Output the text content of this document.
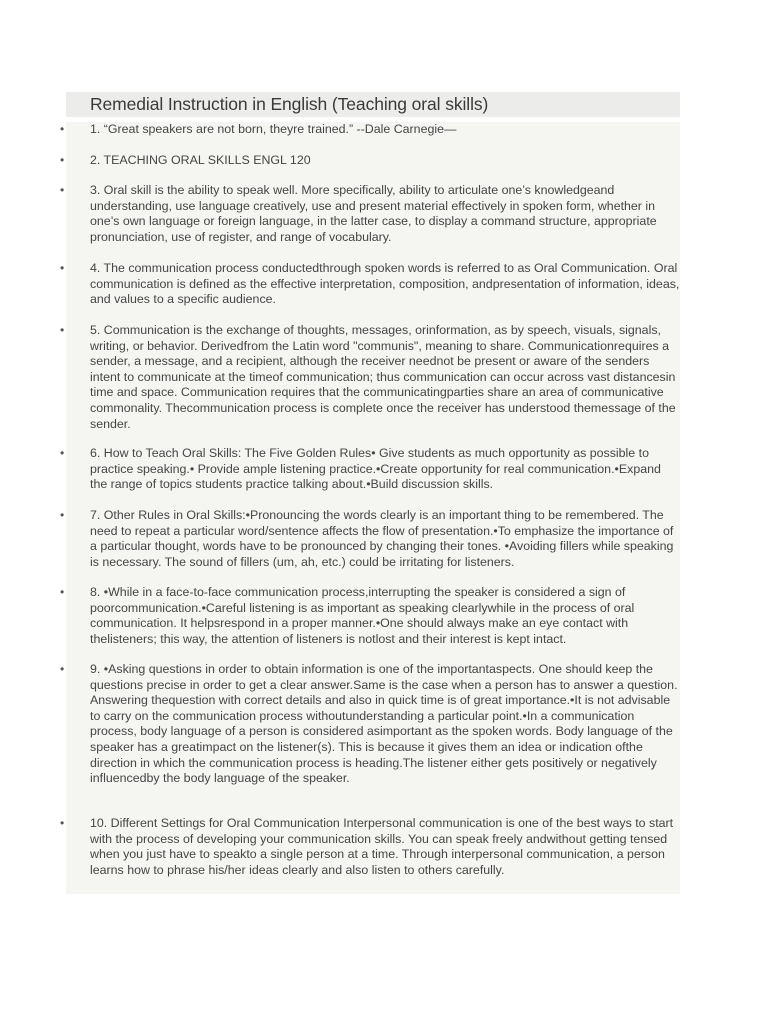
Remedial Instruction in English (Teaching oral skills)
• 1. “Great speakers are not born, theyre trained.” --Dale Carnegie—
• 2. TEACHING ORAL SKILLS ENGL 120
• 3. Oral skill is the ability to speak well. More specifically, ability to articulate one’s knowledgeand understanding, use language creatively, use and present material effectively in spoken form, whether in one’s own language or foreign language, in the latter case, to display a command structure, appropriate pronunciation, use of register, and range of vocabulary.
• 4. The communication process conductedthrough spoken words is referred to as Oral Communication. Oral communication is defined as the effective interpretation, composition, andpresentation of information, ideas, and values to a specific audience.
• 5. Communication is the exchange of thoughts, messages, orinformation, as by speech, visuals, signals, writing, or behavior. Derivedfrom the Latin word "communis", meaning to share. Communicationrequires a sender, a message, and a recipient, although the receiver neednot be present or aware of the senders intent to communicate at the timeof communication; thus communication can occur across vast distancesin time and space. Communication requires that the communicatingparties share an area of communicative commonality. Thecommunication process is complete once the receiver has understood themessage of the sender.
• 6. How to Teach Oral Skills: The Five Golden Rules• Give students as much opportunity as possible to practice speaking.• Provide ample listening practice.•Create opportunity for real communication.•Expand the range of topics students practice talking about.•Build discussion skills.
• 7. Other Rules in Oral Skills:•Pronouncing the words clearly is an important thing to be remembered. The need to repeat a particular word/sentence affects the flow of presentation.•To emphasize the importance of a particular thought, words have to be pronounced by changing their tones. •Avoiding fillers while speaking is necessary. The sound of fillers (um, ah, etc.) could be irritating for listeners.
• 8. •While in a face-to-face communication process,interrupting the speaker is considered a sign of poorcommunication.•Careful listening is as important as speaking clearlywhile in the process of oral communication. It helpsrespond in a proper manner.•One should always make an eye contact with thelisteners; this way, the attention of listeners is notlost and their interest is kept intact.
• 9. •Asking questions in order to obtain information is one of the importantaspects. One should keep the questions precise in order to get a clear answer.Same is the case when a person has to answer a question. Answering thequestion with correct details and also in quick time is of great importance.•It is not advisable to carry on the communication process withoutunderstanding a particular point.•In a communication process, body language of a person is considered asimportant as the spoken words. Body language of the speaker has a greatimpact on the listener(s). This is because it gives them an idea or indication ofthe direction in which the communication process is heading.The listener either gets positively or negatively influencedby the body language of the speaker.
• 10. Different Settings for Oral Communication Interpersonal communication is one of the best ways to start with the process of developing your communication skills. You can speak freely andwithout getting tensed when you just have to speakto a single person at a time. Through interpersonal communication, a person learns how to phrase his/her ideas clearly and also listen to others carefully.
